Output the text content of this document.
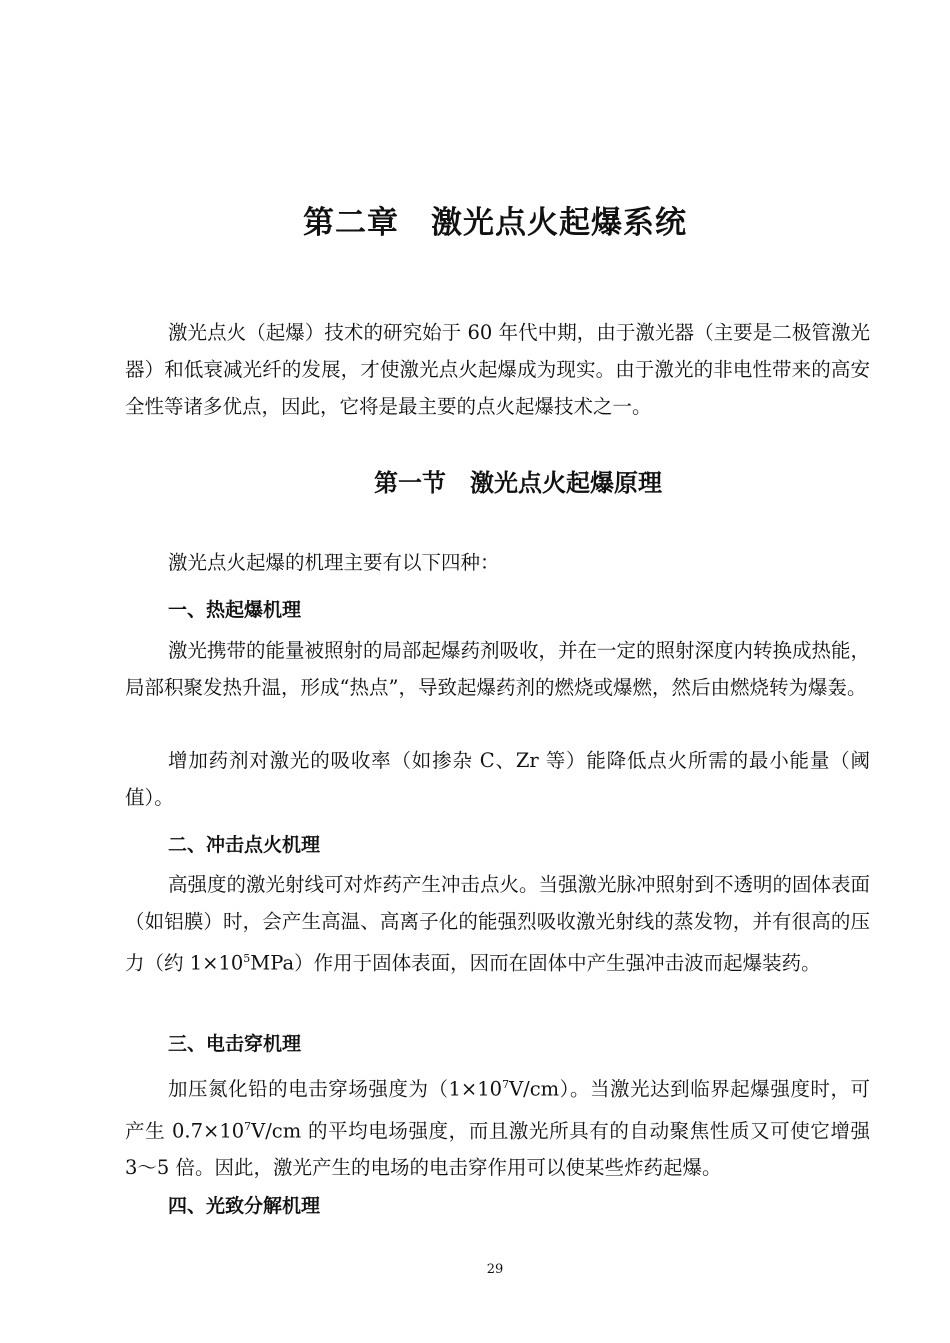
第二章　激光点火起爆系统

激光点火（起爆）技术的研究始于 60 年代中期，由于激光器（主要是二极管激光器）和低衰减光纤的发展，才使激光点火起爆成为现实。由于激光的非电性带来的高安全性等诸多优点，因此，它将是最主要的点火起爆技术之一。

第一节　激光点火起爆原理

激光点火起爆的机理主要有以下四种：

一、热起爆机理

激光携带的能量被照射的局部起爆药剂吸收，并在一定的照射深度内转换成热能，局部积聚发热升温，形成“热点”，导致起爆药剂的燃烧或爆燃，然后由燃烧转为爆轰。

增加药剂对激光的吸收率（如掺杂 C、Zr 等）能降低点火所需的最小能量（阈值）。

二、冲击点火机理

高强度的激光射线可对炸药产生冲击点火。当强激光脉冲照射到不透明的固体表面（如铝膜）时，会产生高温、高离子化的能强烈吸收激光射线的蒸发物，并有很高的压力（约 $1\times 10^5MPa$）作用于固体表面，因而在固体中产生强冲击波而起爆装药。

三、电击穿机理

加压氮化铅的电击穿场强度为$(1\times 10^7V/cm)$。当激光达到临界起爆强度时，可产生 $0.7\times 10^7V/cm$ 的平均电场强度，而且激光所具有的自动聚焦性质又可使它增强 3～5 倍。因此，激光产生的电场的电击穿作用可以使某些炸药起爆。

四、光致分解机理
29
